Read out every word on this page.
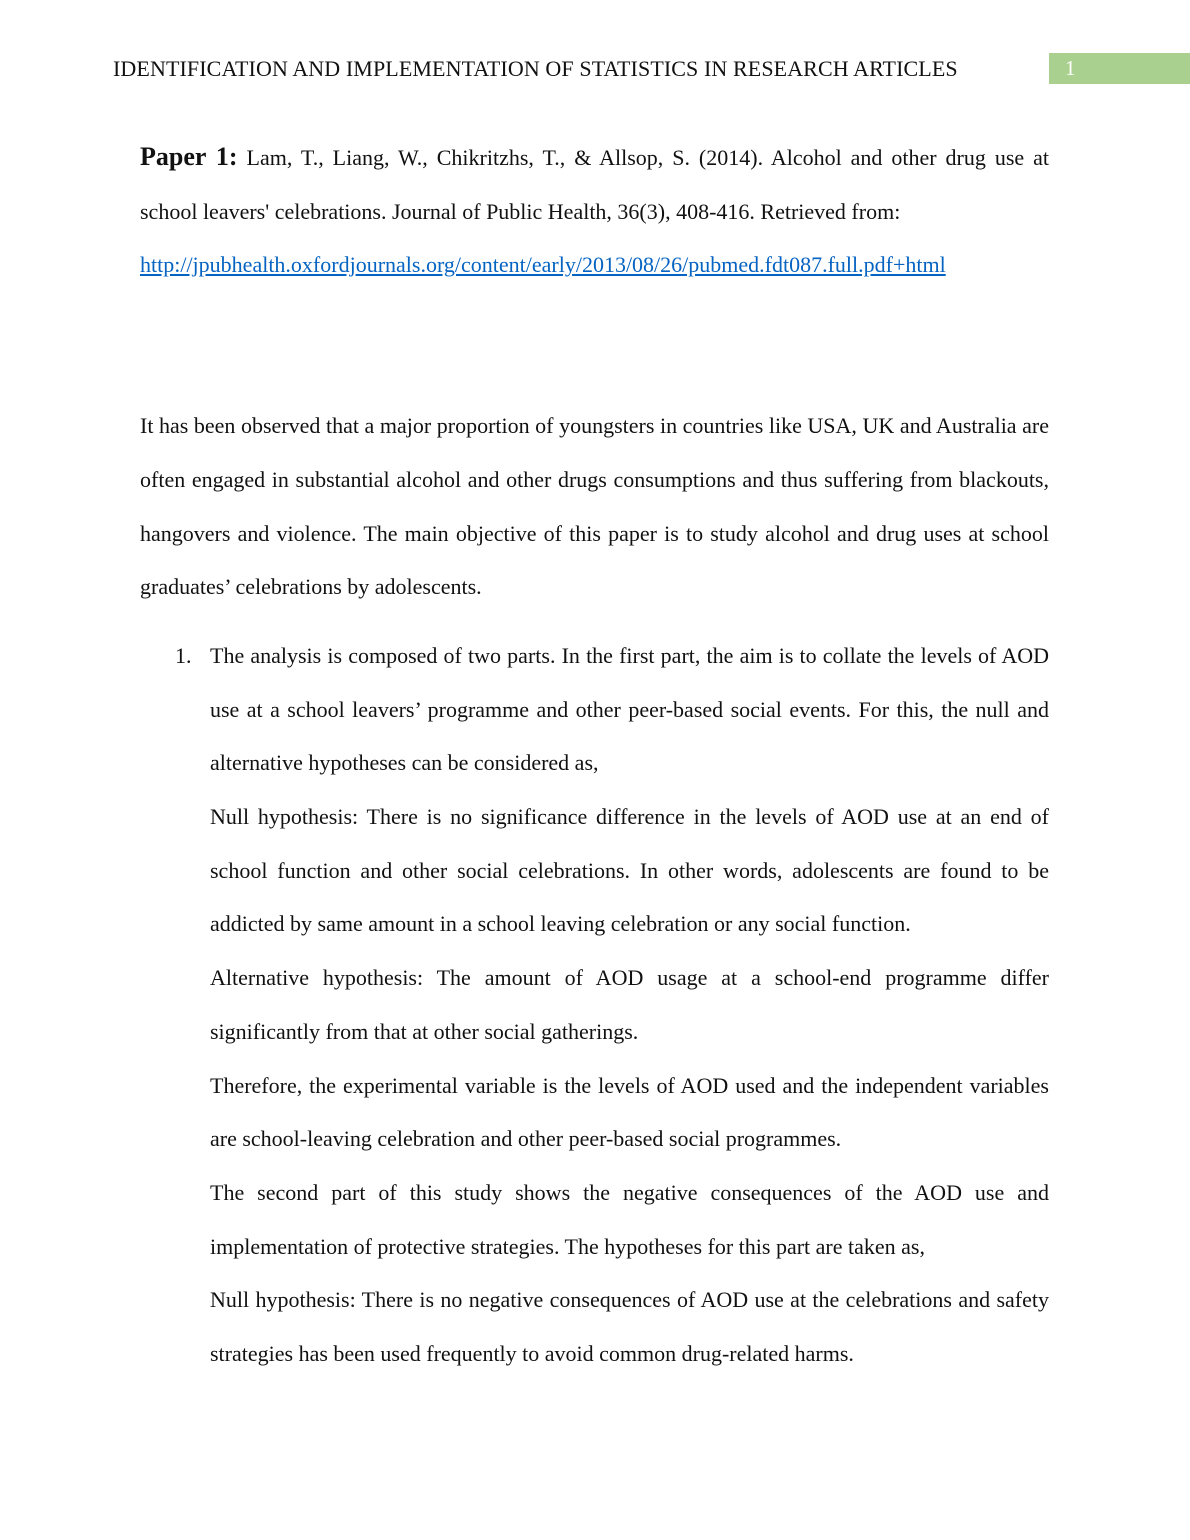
IDENTIFICATION AND IMPLEMENTATION OF STATISTICS IN RESEARCH ARTICLES	1

Paper 1: Lam, T., Liang, W., Chikritzhs, T., & Allsop, S. (2014). Alcohol and other drug use at school leavers' celebrations. Journal of Public Health, 36(3), 408-416. Retrieved from:
http://jpubhealth.oxfordjournals.org/content/early/2013/08/26/pubmed.fdt087.full.pdf+html

It has been observed that a major proportion of youngsters in countries like USA, UK and Australia are often engaged in substantial alcohol and other drugs consumptions and thus suffering from blackouts, hangovers and violence. The main objective of this paper is to study alcohol and drug uses at school graduates’ celebrations by adolescents.

1. The analysis is composed of two parts. In the first part, the aim is to collate the levels of AOD use at a school leavers’ programme and other peer-based social events. For this, the null and alternative hypotheses can be considered as,

Null hypothesis: There is no significance difference in the levels of AOD use at an end of school function and other social celebrations. In other words, adolescents are found to be addicted by same amount in a school leaving celebration or any social function.

Alternative hypothesis: The amount of AOD usage at a school-end programme differ significantly from that at other social gatherings.

Therefore, the experimental variable is the levels of AOD used and the independent variables are school-leaving celebration and other peer-based social programmes.

The second part of this study shows the negative consequences of the AOD use and implementation of protective strategies. The hypotheses for this part are taken as,

Null hypothesis: There is no negative consequences of AOD use at the celebrations and safety strategies has been used frequently to avoid common drug-related harms.
